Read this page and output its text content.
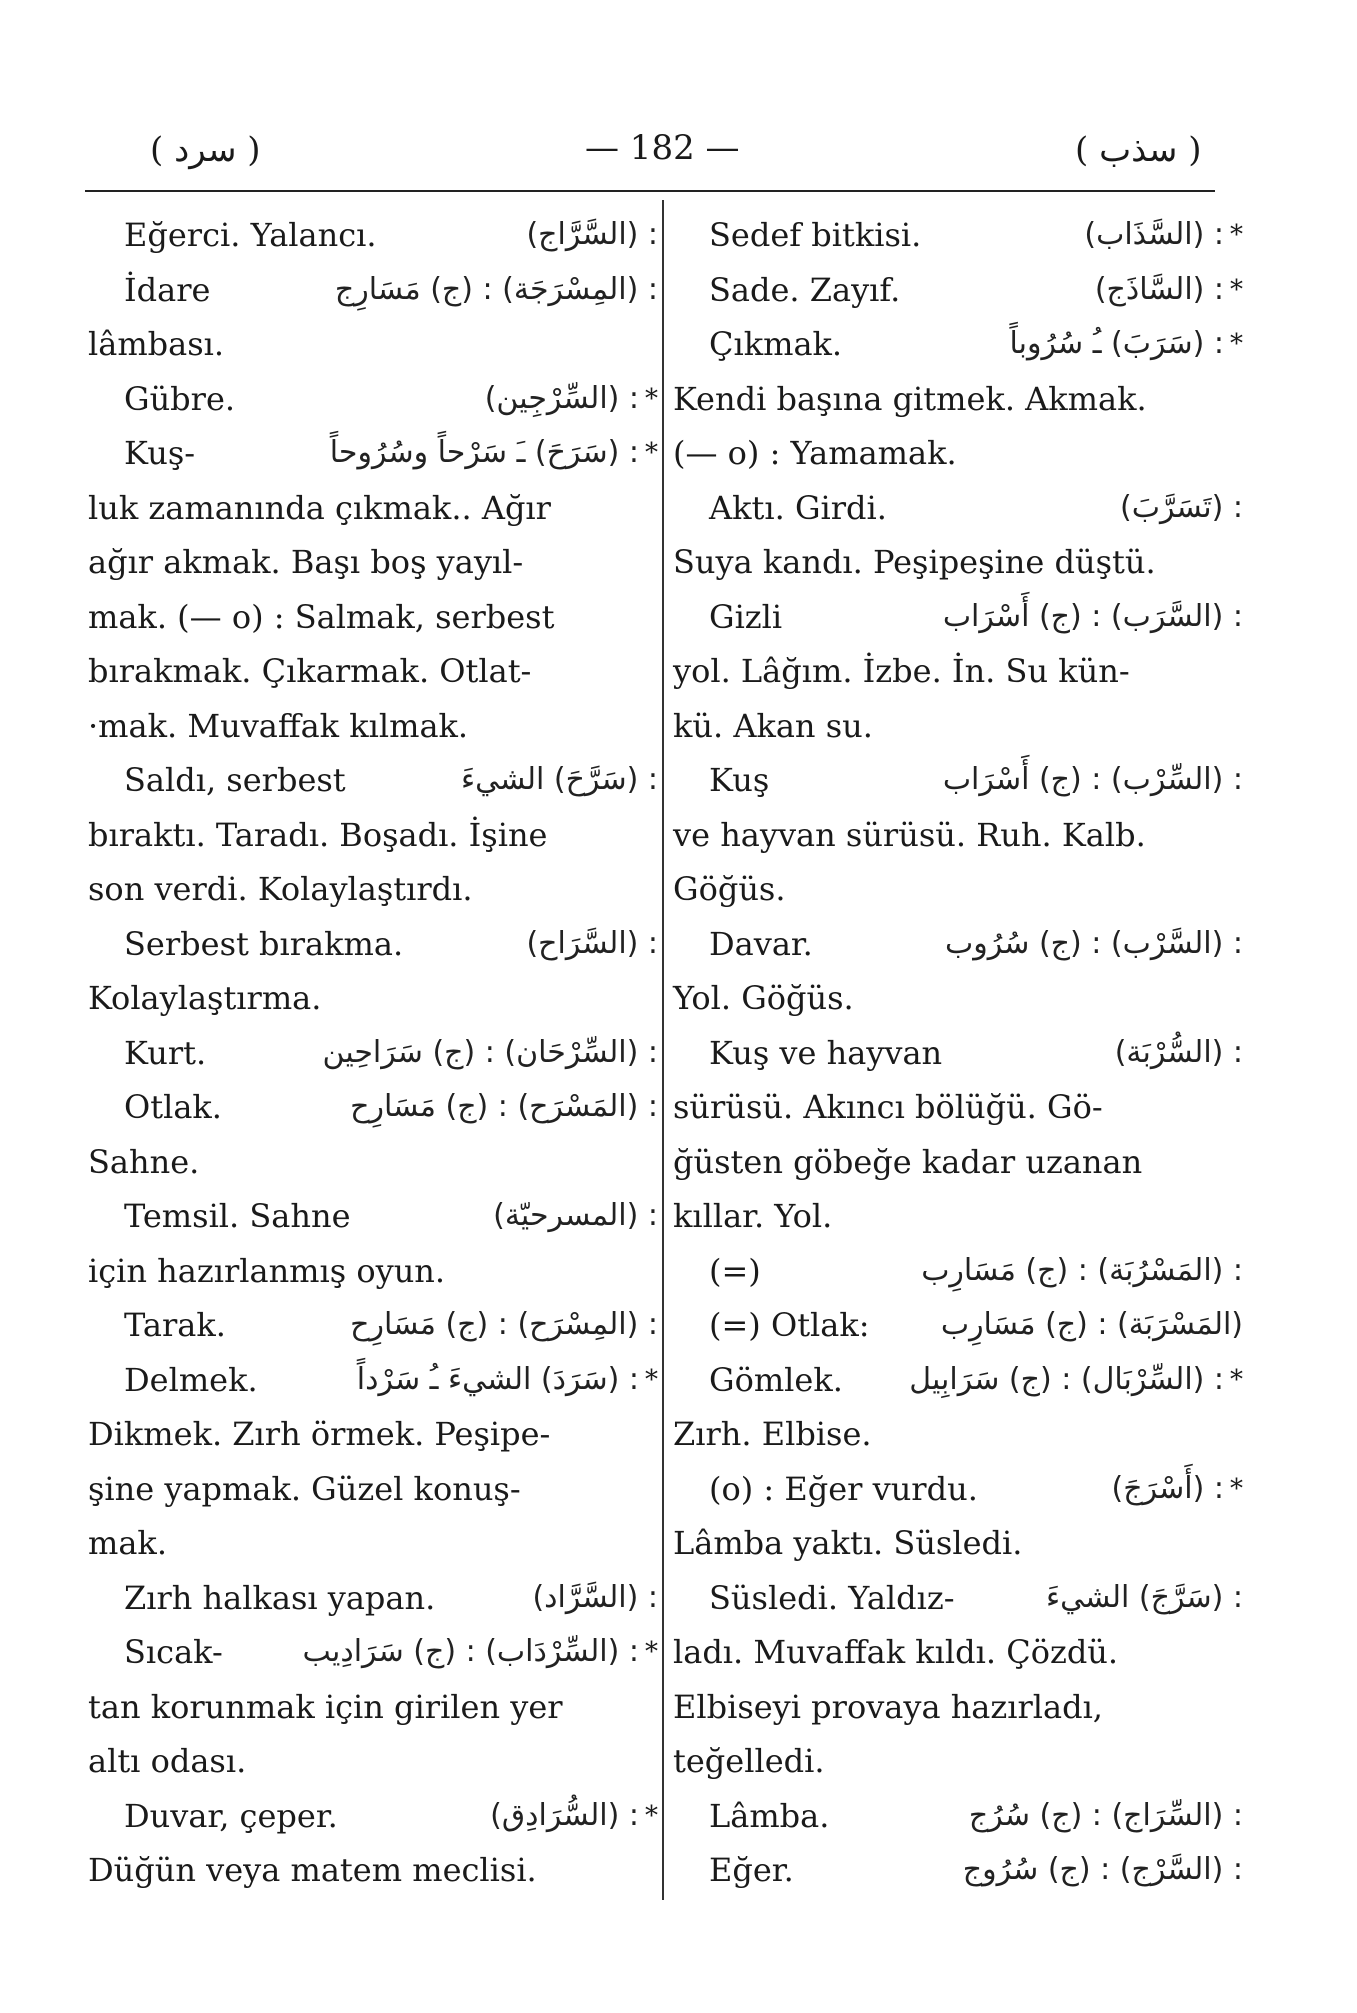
( سرد )	— 182 —	( سذب )
Eğerci. Yalancı.	: (السَّرَّاج)
İdare	: (المِسْرَجَة) : (ج) مَسَارِج
lâmbası.
Gübre.	: (السِّرْجِين) *
Kuş-	: (سَرَحَ) ـَ سَرْحاً وسُرُوحاً *
luk zamanında çıkmak.. Ağır
ağır akmak. Başı boş yayıl-
mak. (— o) : Salmak, serbest
bırakmak. Çıkarmak. Otlat-
·mak. Muvaffak kılmak.
Saldı, serbest	: (سَرَّحَ) الشيءَ
bıraktı. Taradı. Boşadı. İşine
son verdi. Kolaylaştırdı.
Serbest bırakma.	: (السَّرَاح)
Kolaylaştırma.
Kurt.	: (السِّرْحَان) : (ج) سَرَاحِين
Otlak.	: (المَسْرَح) : (ج) مَسَارِح
Sahne.
Temsil. Sahne	: (المسرحيّة)
için hazırlanmış oyun.
Tarak.	: (المِسْرَح) : (ج) مَسَارِح
Delmek.	: (سَرَدَ) الشيءَ ـُ سَرْداً *
Dikmek. Zırh örmek. Peşipe-
şine yapmak. Güzel konuş-
mak.
Zırh halkası yapan.	: (السَّرَّاد)
Sıcak-	: (السِّرْدَاب) : (ج) سَرَادِيب *
tan korunmak için girilen yer
altı odası.
Duvar, çeper.	: (السُّرَادِق) *
Düğün veya matem meclisi.
Sedef bitkisi.	: (السَّذَاب) *
Sade. Zayıf.	: (السَّاذَج) *
Çıkmak.	: (سَرَبَ) ـُ سُرُوباً *
Kendi başına gitmek. Akmak.
(— o) : Yamamak.
Aktı. Girdi.	: (تَسَرَّبَ)
Suya kandı. Peşipeşine düştü.
Gizli	: (السَّرَب) : (ج) أَسْرَاب
yol. Lâğım. İzbe. İn. Su kün-
kü. Akan su.
Kuş	: (السِّرْب) : (ج) أَسْرَاب
ve hayvan sürüsü. Ruh. Kalb.
Göğüs.
Davar.	: (السَّرْب) : (ج) سُرُوب
Yol. Göğüs.
Kuş ve hayvan	: (السُّرْبَة)
sürüsü. Akıncı bölüğü. Gö-
ğüsten göbeğe kadar uzanan
kıllar. Yol.
(=)	: (المَسْرُبَة) : (ج) مَسَارِب
(=) Otlak: (المَسْرَبَة) : (ج) مَسَارِب
Gömlek. : (السِّرْبَال) : (ج) سَرَابِيل *
Zırh. Elbise.
(o) : Eğer vurdu.	: (أَسْرَجَ) *
Lâmba yaktı. Süsledi.
Süsledi. Yaldız-	: (سَرَّجَ) الشيءَ
ladı. Muvaffak kıldı. Çözdü.
Elbiseyi provaya hazırladı,
teğelledi.
Lâmba.	: (السِّرَاج) : (ج) سُرُج
Eğer.	: (السَّرْج) : (ج) سُرُوج
